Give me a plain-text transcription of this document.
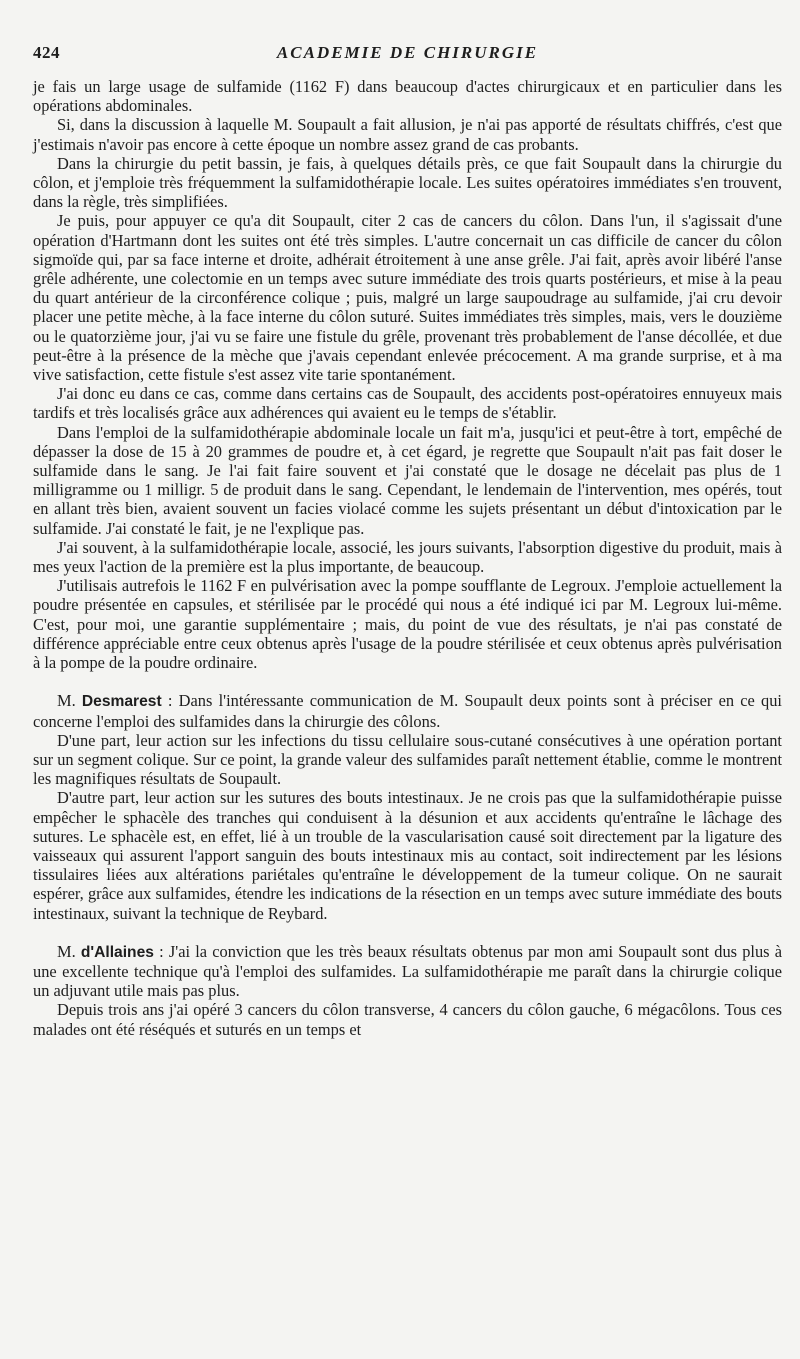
424	ACADEMIE DE CHIRURGIE

je fais un large usage de sulfamide (1162 F) dans beaucoup d'actes chirurgicaux et en particulier dans les opérations abdominales.

Si, dans la discussion à laquelle M. Soupault a fait allusion, je n'ai pas apporté de résultats chiffrés, c'est que j'estimais n'avoir pas encore à cette époque un nombre assez grand de cas probants.

Dans la chirurgie du petit bassin, je fais, à quelques détails près, ce que fait Soupault dans la chirurgie du côlon, et j'emploie très fréquemment la sulfamidothérapie locale. Les suites opératoires immédiates s'en trouvent, dans la règle, très simplifiées.

Je puis, pour appuyer ce qu'a dit Soupault, citer 2 cas de cancers du côlon. Dans l'un, il s'agissait d'une opération d'Hartmann dont les suites ont été très simples. L'autre concernait un cas difficile de cancer du côlon sigmoïde qui, par sa face interne et droite, adhérait étroitement à une anse grêle. J'ai fait, après avoir libéré l'anse grêle adhérente, une colectomie en un temps avec suture immédiate des trois quarts postérieurs, et mise à la peau du quart antérieur de la circonférence colique ; puis, malgré un large saupoudrage au sulfamide, j'ai cru devoir placer une petite mèche, à la face interne du côlon suturé. Suites immédiates très simples, mais, vers le douzième ou le quatorzième jour, j'ai vu se faire une fistule du grêle, provenant très probablement de l'anse décollée, et due peut-être à la présence de la mèche que j'avais cependant enlevée précocement. A ma grande surprise, et à ma vive satisfaction, cette fistule s'est assez vite tarie spontanément.

J'ai donc eu dans ce cas, comme dans certains cas de Soupault, des accidents post-opératoires ennuyeux mais tardifs et très localisés grâce aux adhérences qui avaient eu le temps de s'établir.

Dans l'emploi de la sulfamidothérapie abdominale locale un fait m'a, jusqu'ici et peut-être à tort, empêché de dépasser la dose de 15 à 20 grammes de poudre et, à cet égard, je regrette que Soupault n'ait pas fait doser le sulfamide dans le sang. Je l'ai fait faire souvent et j'ai constaté que le dosage ne décelait pas plus de 1 milligramme ou 1 milligr. 5 de produit dans le sang. Cependant, le lendemain de l'intervention, mes opérés, tout en allant très bien, avaient souvent un facies violacé comme les sujets présentant un début d'intoxication par le sulfamide. J'ai constaté le fait, je ne l'explique pas.

J'ai souvent, à la sulfamidothérapie locale, associé, les jours suivants, l'absorption digestive du produit, mais à mes yeux l'action de la première est la plus importante, de beaucoup.

J'utilisais autrefois le 1162 F en pulvérisation avec la pompe soufflante de Legroux. J'emploie actuellement la poudre présentée en capsules, et stérilisée par le procédé qui nous a été indiqué ici par M. Legroux lui-même. C'est, pour moi, une garantie supplémentaire ; mais, du point de vue des résultats, je n'ai pas constaté de différence appréciable entre ceux obtenus après l'usage de la poudre stérilisée et ceux obtenus après pulvérisation à la pompe de la poudre ordinaire.

M. Desmarest : Dans l'intéressante communication de M. Soupault deux points sont à préciser en ce qui concerne l'emploi des sulfamides dans la chirurgie des côlons.

D'une part, leur action sur les infections du tissu cellulaire sous-cutané consécutives à une opération portant sur un segment colique. Sur ce point, la grande valeur des sulfamides paraît nettement établie, comme le montrent les magnifiques résultats de Soupault.

D'autre part, leur action sur les sutures des bouts intestinaux. Je ne crois pas que la sulfamidothérapie puisse empêcher le sphacèle des tranches qui conduisent à la désunion et aux accidents qu'entraîne le lâchage des sutures. Le sphacèle est, en effet, lié à un trouble de la vascularisation causé soit directement par la ligature des vaisseaux qui assurent l'apport sanguin des bouts intestinaux mis au contact, soit indirectement par les lésions tissulaires liées aux altérations pariétales qu'entraîne le développement de la tumeur colique. On ne saurait espérer, grâce aux sulfamides, étendre les indications de la résection en un temps avec suture immédiate des bouts intestinaux, suivant la technique de Reybard.

M. d'Allaines : J'ai la conviction que les très beaux résultats obtenus par mon ami Soupault sont dus plus à une excellente technique qu'à l'emploi des sulfamides. La sulfamidothérapie me paraît dans la chirurgie colique un adjuvant utile mais pas plus.

Depuis trois ans j'ai opéré 3 cancers du côlon transverse, 4 cancers du côlon gauche, 6 mégacôlons. Tous ces malades ont été réséqués et suturés en un temps et
